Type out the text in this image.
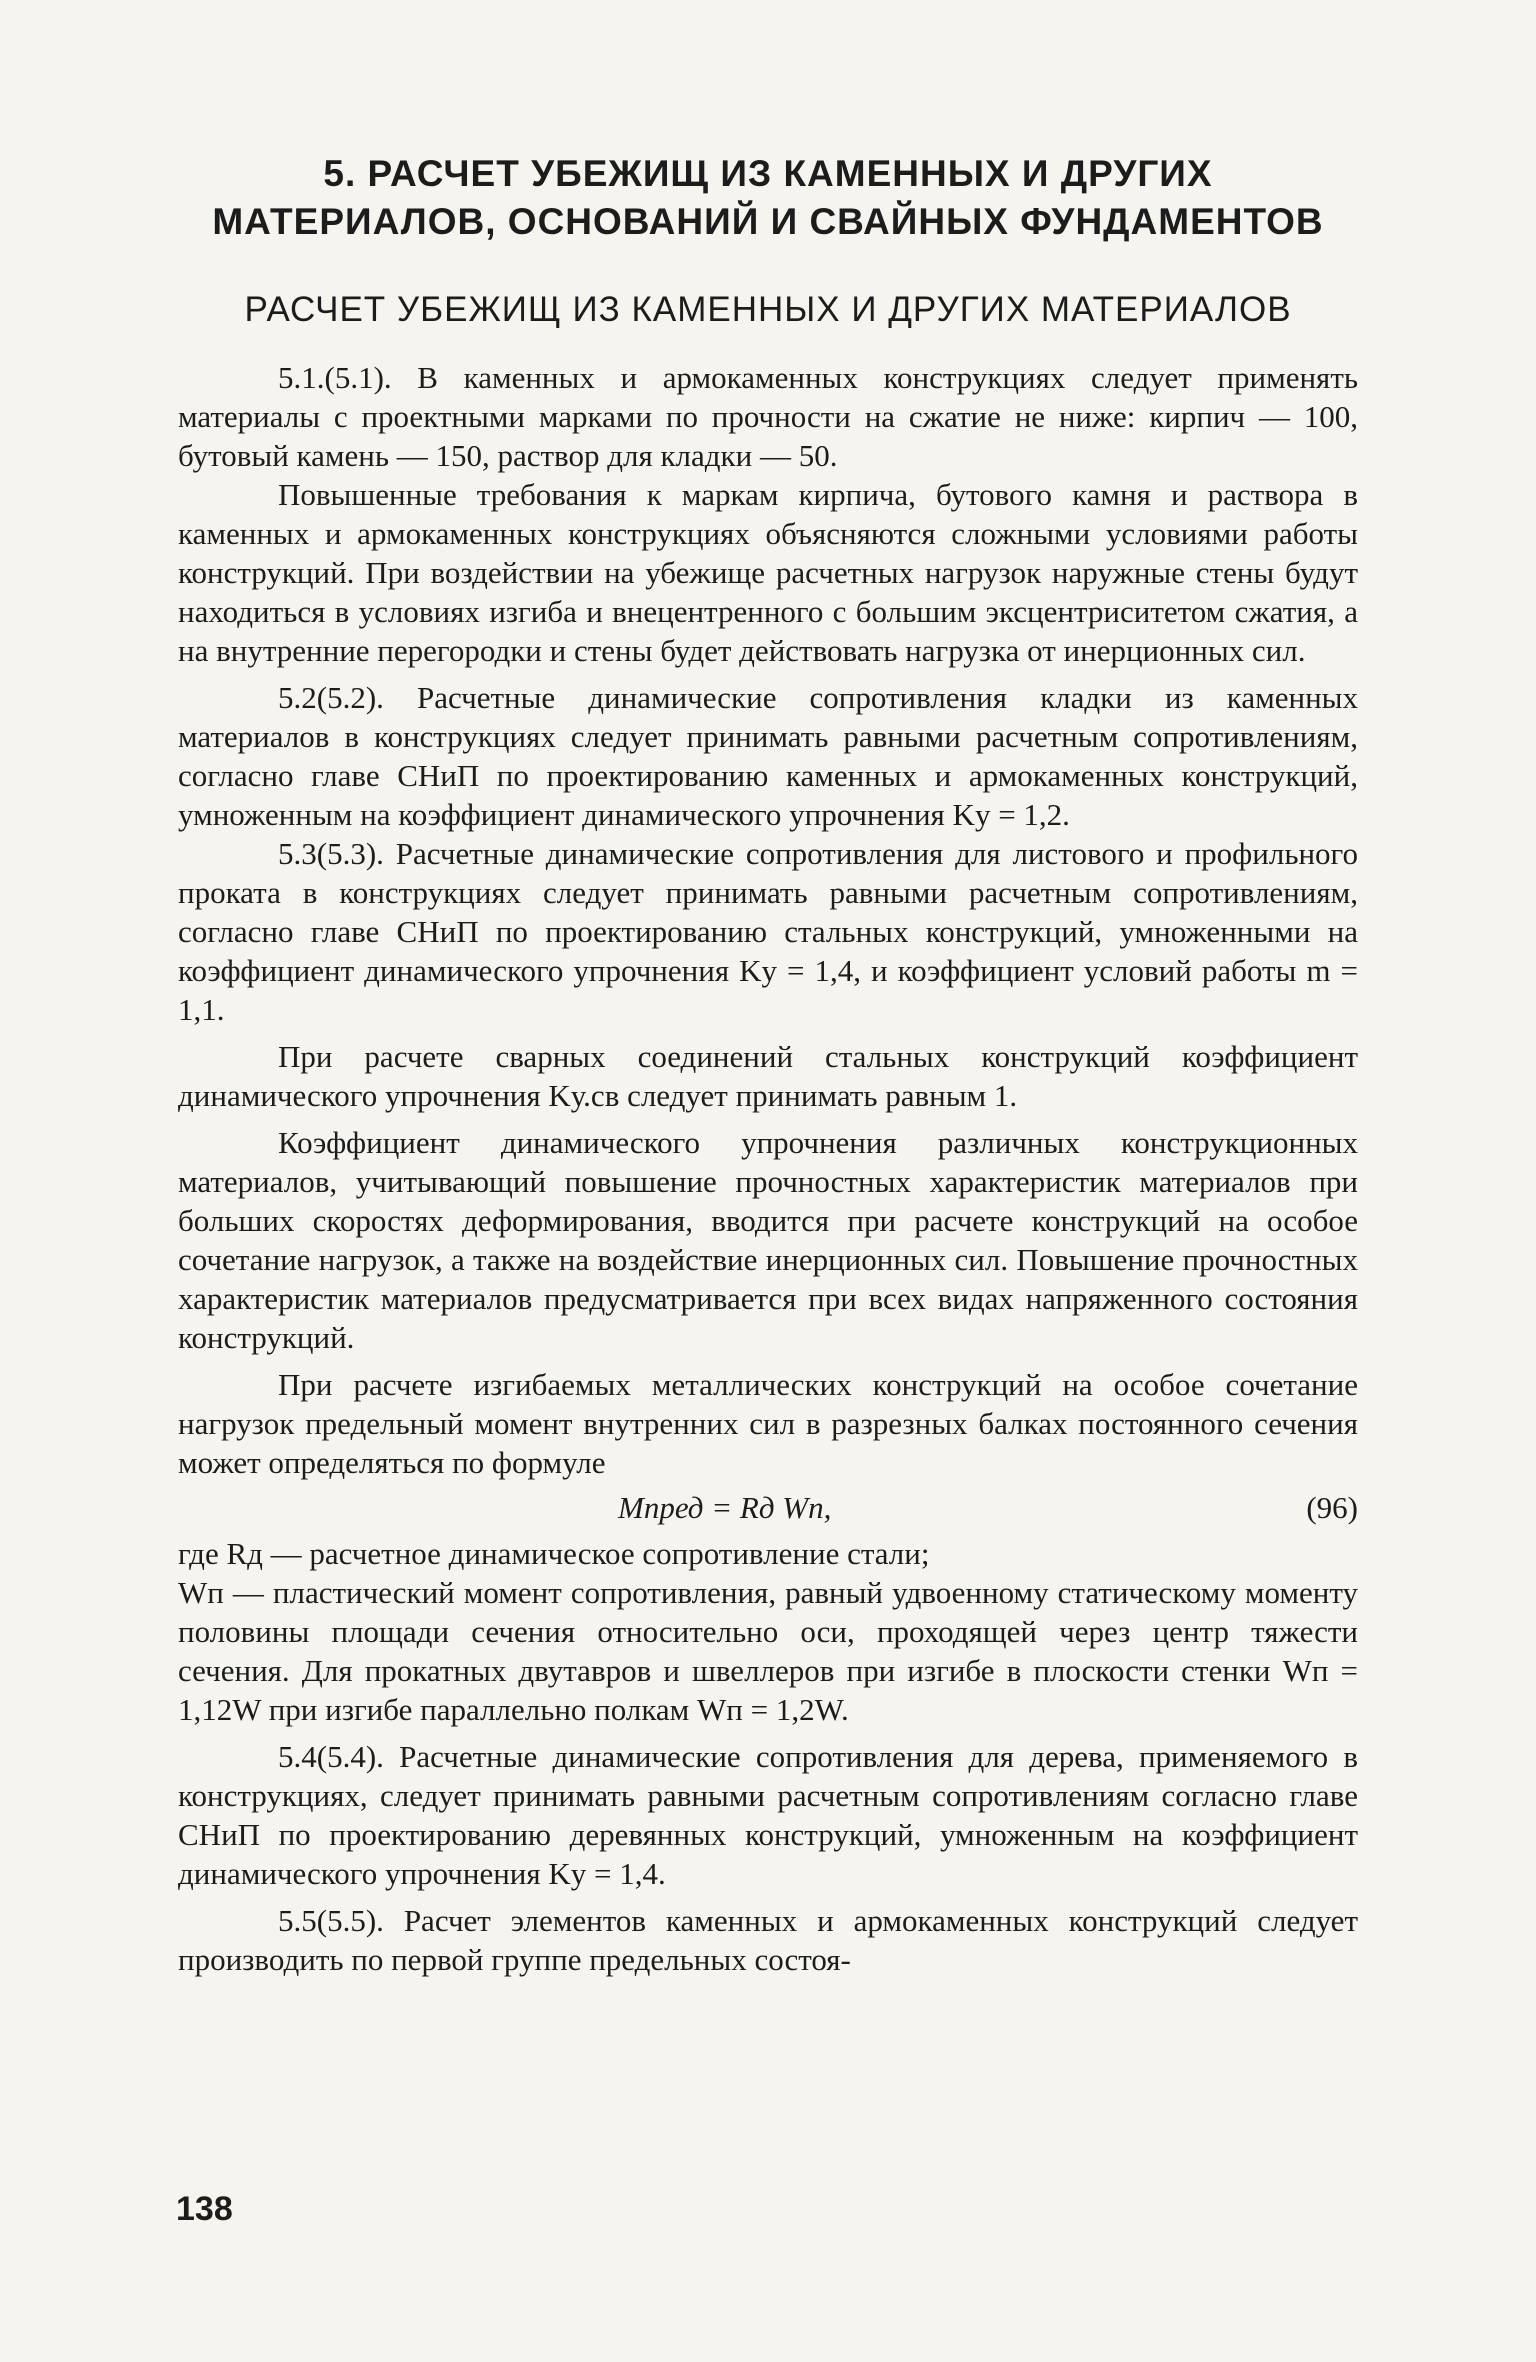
5. РАСЧЕТ УБЕЖИЩ ИЗ КАМЕННЫХ И ДРУГИХ МАТЕРИАЛОВ, ОСНОВАНИЙ И СВАЙНЫХ ФУНДАМЕНТОВ
РАСЧЕТ УБЕЖИЩ ИЗ КАМЕННЫХ И ДРУГИХ МАТЕРИАЛОВ

5.1.(5.1). В каменных и армокаменных конструкциях следует применять материалы с проектными марками по прочности на сжатие не ниже: кирпич — 100, бутовый камень — 150, раствор для кладки — 50.

Повышенные требования к маркам кирпича, бутового камня и раствора в каменных и армокаменных конструкциях объясняются сложными условиями работы конструкций. При воздействии на убежище расчетных нагрузок наружные стены будут находиться в условиях изгиба и внецентренного с большим эксцентриситетом сжатия, а на внутренние перегородки и стены будет действовать нагрузка от инерционных сил.

5.2(5.2). Расчетные динамические сопротивления кладки из каменных материалов в конструкциях следует принимать равными расчетным сопротивлениям, согласно главе СНиП по проектированию каменных и армокаменных конструкций, умноженным на коэффициент динамического упрочнения Kу = 1,2.

5.3(5.3). Расчетные динамические сопротивления для листового и профильного проката в конструкциях следует принимать равными расчетным сопротивлениям, согласно главе СНиП по проектированию стальных конструкций, умноженными на коэффициент динамического упрочнения Kу = 1,4, и коэффициент условий работы m = 1,1.

При расчете сварных соединений стальных конструкций коэффициент динамического упрочнения Kу.св следует принимать равным 1.

Коэффициент динамического упрочнения различных конструкционных материалов, учитывающий повышение прочностных характеристик материалов при больших скоростях деформирования, вводится при расчете конструкций на особое сочетание нагрузок, а также на воздействие инерционных сил. Повышение прочностных характеристик материалов предусматривается при всех видах напряженного состояния конструкций.

При расчете изгибаемых металлических конструкций на особое сочетание нагрузок предельный момент внутренних сил в разрезных балках постоянного сечения может определяться по формуле

Mпред = Rд Wп,	(96)

где Rд — расчетное динамическое сопротивление стали;

Wп — пластический момент сопротивления, равный удвоенному статическому моменту половины площади сечения относительно оси, проходящей через центр тяжести сечения. Для прокатных двутавров и швеллеров при изгибе в плоскости стенки Wп = 1,12W при изгибе параллельно полкам Wп = 1,2W.

5.4(5.4). Расчетные динамические сопротивления для дерева, применяемого в конструкциях, следует принимать равными расчетным сопротивлениям согласно главе СНиП по проектированию деревянных конструкций, умноженным на коэффициент динамического упрочнения Kу = 1,4.

5.5(5.5). Расчет элементов каменных и армокаменных конструкций следует производить по первой группе предельных состоя-

138
